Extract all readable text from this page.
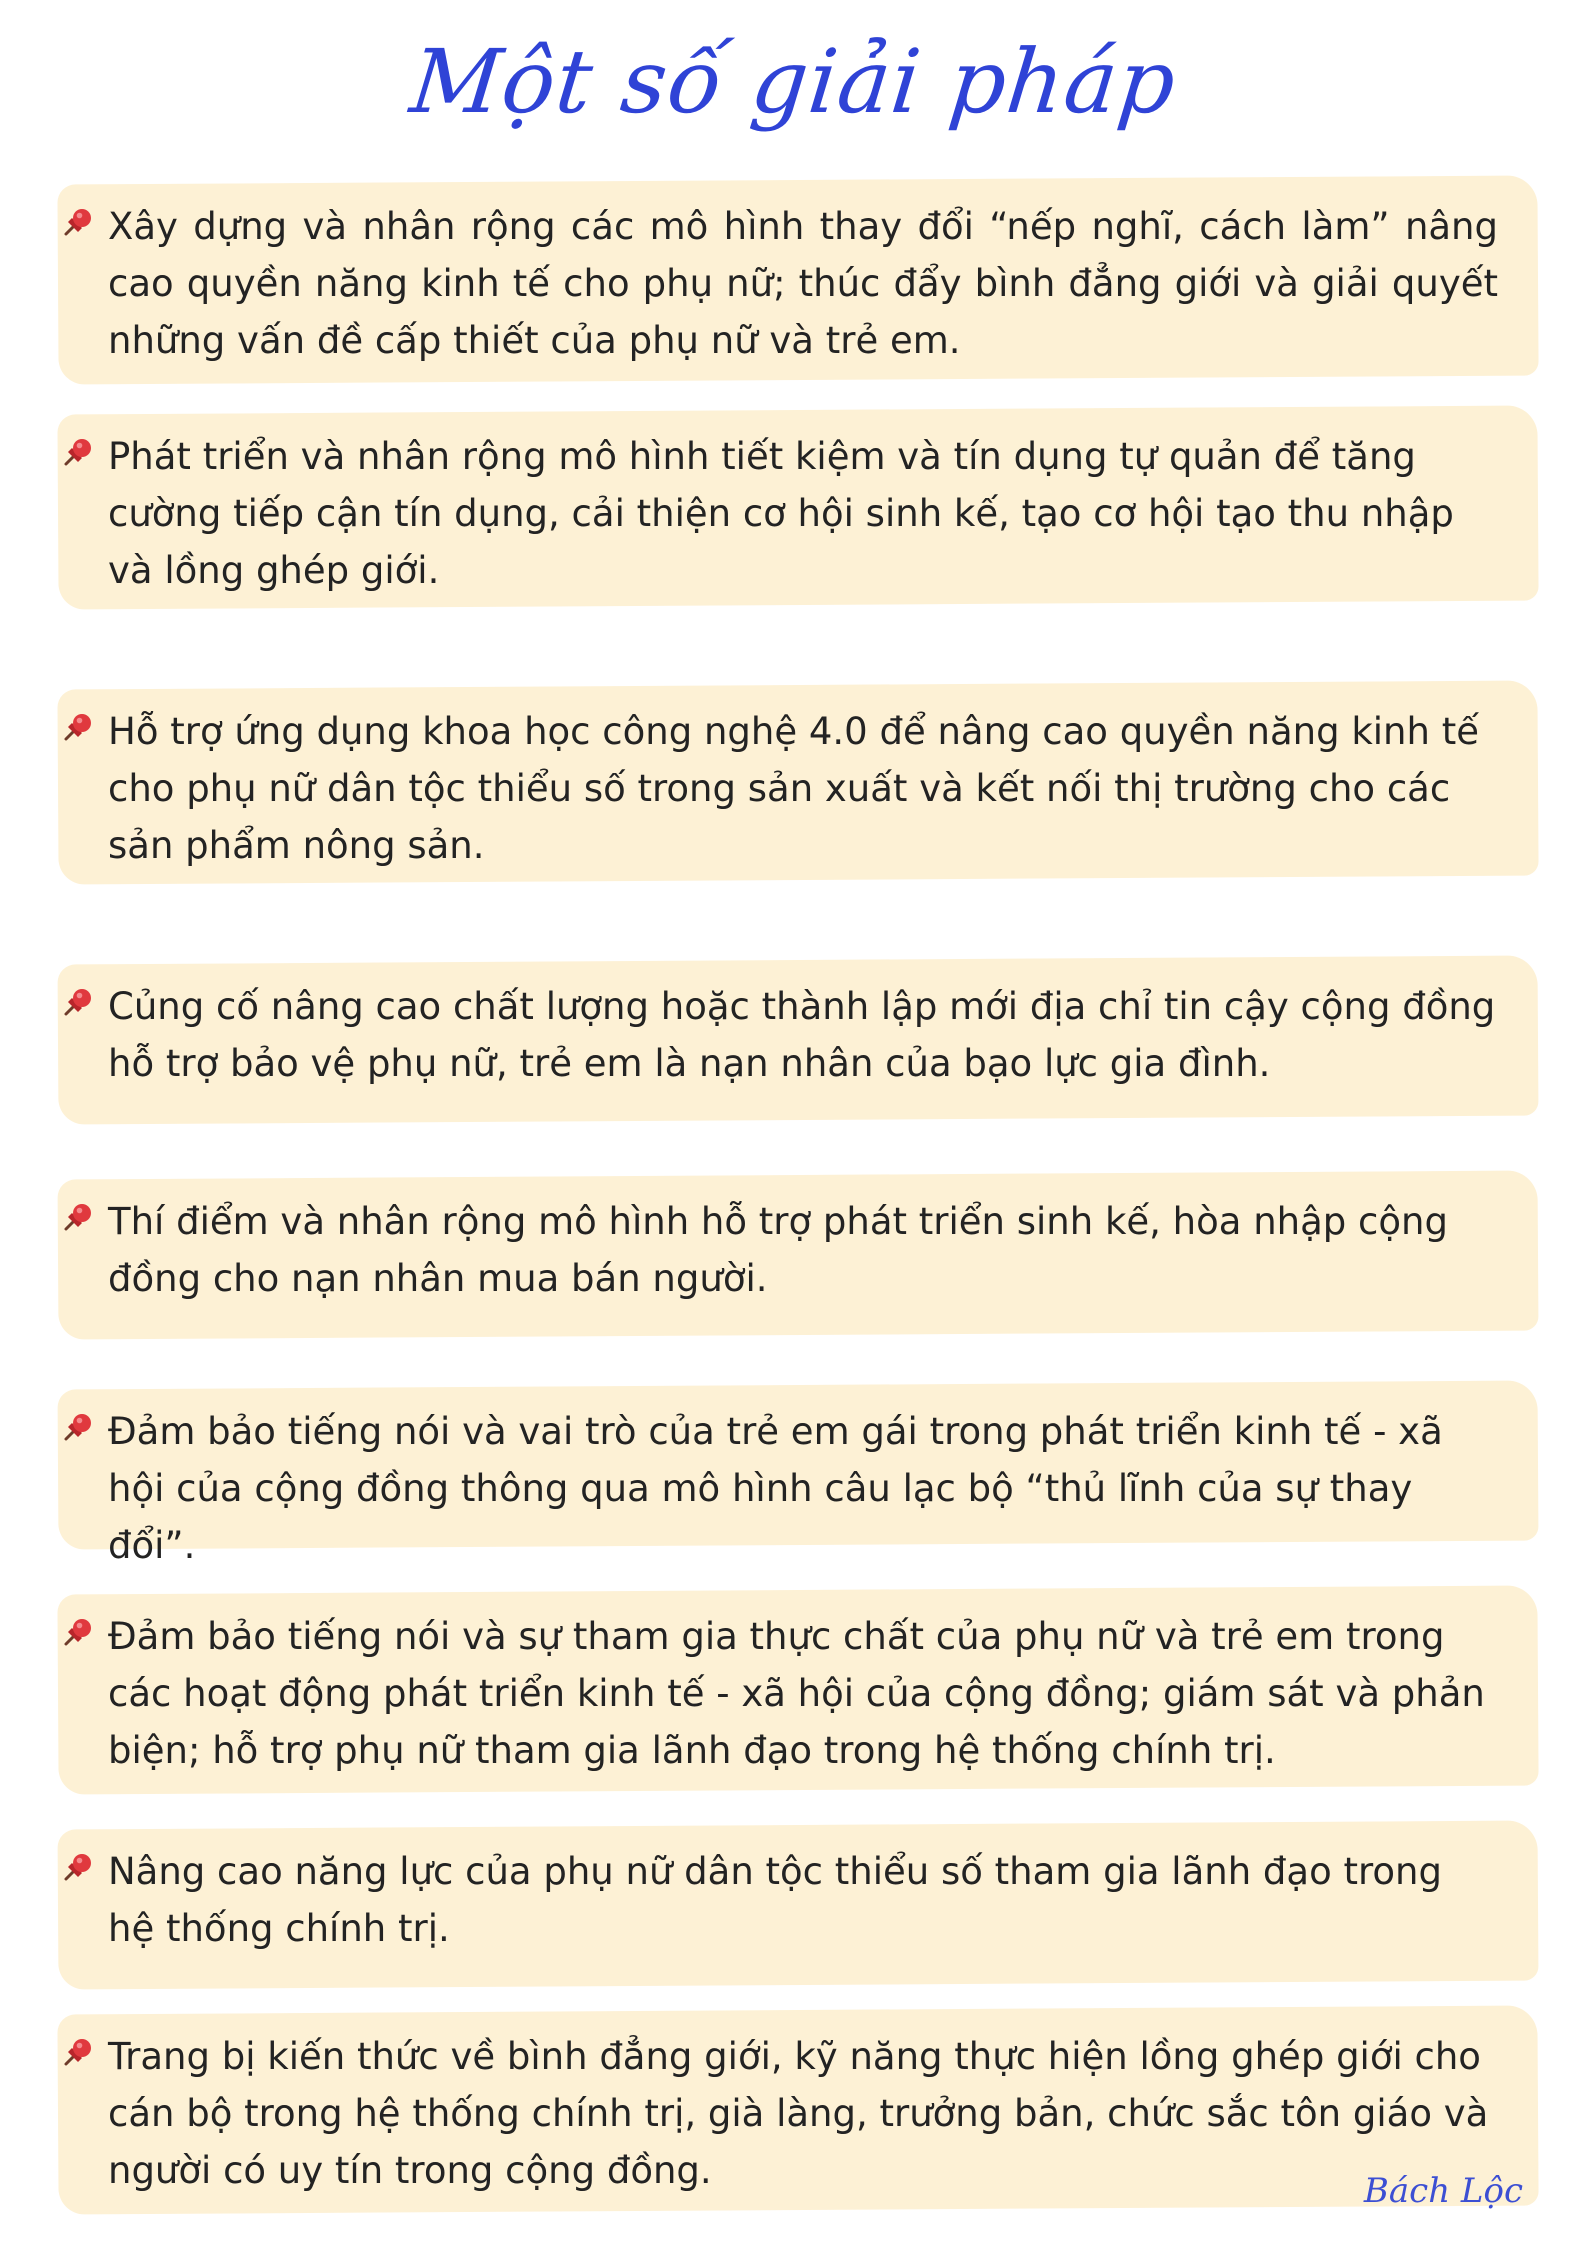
Một số giải pháp
Xây dựng và nhân rộng các mô hình thay đổi “nếp nghĩ, cách làm” nâng cao quyền năng kinh tế cho phụ nữ; thúc đẩy bình đẳng giới và giải quyết những vấn đề cấp thiết của phụ nữ và trẻ em.
Phát triển và nhân rộng mô hình tiết kiệm và tín dụng tự quản để tăng cường tiếp cận tín dụng, cải thiện cơ hội sinh kế, tạo cơ hội tạo thu nhập và lồng ghép giới.
Hỗ trợ ứng dụng khoa học công nghệ 4.0 để nâng cao quyền năng kinh tế cho phụ nữ dân tộc thiểu số trong sản xuất và kết nối thị trường cho các sản phẩm nông sản.
Củng cố nâng cao chất lượng hoặc thành lập mới địa chỉ tin cậy cộng đồng hỗ trợ bảo vệ phụ nữ, trẻ em là nạn nhân của bạo lực gia đình.
Thí điểm và nhân rộng mô hình hỗ trợ phát triển sinh kế, hòa nhập cộng đồng cho nạn nhân mua bán người.
Đảm bảo tiếng nói và vai trò của trẻ em gái trong phát triển kinh tế - xã hội của cộng đồng thông qua mô hình câu lạc bộ “thủ lĩnh của sự thay đổi”.
Đảm bảo tiếng nói và sự tham gia thực chất của phụ nữ và trẻ em trong các hoạt động phát triển kinh tế - xã hội của cộng đồng; giám sát và phản biện; hỗ trợ phụ nữ tham gia lãnh đạo trong hệ thống chính trị.
Nâng cao năng lực của phụ nữ dân tộc thiểu số tham gia lãnh đạo trong hệ thống chính trị.
Trang bị kiến thức về bình đẳng giới, kỹ năng thực hiện lồng ghép giới cho cán bộ trong hệ thống chính trị, già làng, trưởng bản, chức sắc tôn giáo và người có uy tín trong cộng đồng.	Bách Lộc
